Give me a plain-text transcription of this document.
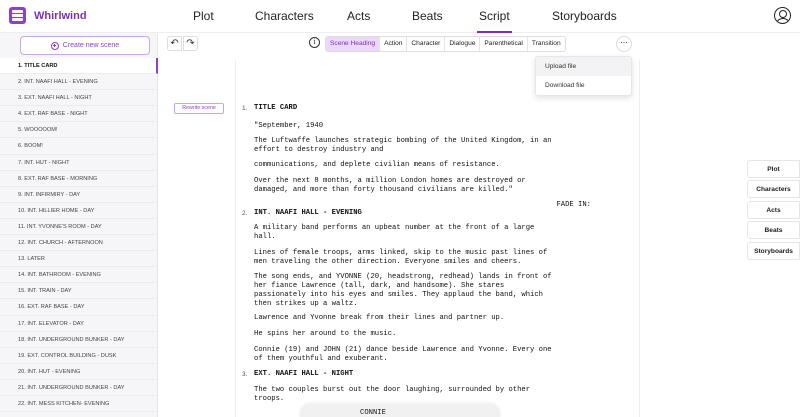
Whirlwind	Plot	Characters	Acts	Beats	Script	Storyboards
Create new scene
1. TITLE CARD
2. INT. NAAFI HALL - EVENING
3. EXT. NAAFI HALL - NIGHT
4. EXT. RAF BASE - NIGHT
5. WOOOOOM!
6. BOOM!
7. INT. HUT - NIGHT
8. EXT. RAF BASE - MORNING
9. INT. INFIRMIRY - DAY
10. INT. HILLIER HOME - DAY
11. INT. YVONNE'S ROOM - DAY
12. INT. CHURCH - AFTERNOON
13. LATER
14. INT. BATHROOM - EVENING
15. INT. TRAIN - DAY
16. EXT. RAF BASE - DAY
17. INT. ELEVATOR - DAY
18. INT. UNDERGROUND BUNKER - DAY
19. EXT. CONTROL BUILDING - DUSK
20. INT. HUT - EVENING
21. INT. UNDERGROUND BUNKER - DAY
22. INT. MESS KITCHEN- EVENING
↶ ↷	i	Scene Heading	Action	Character	Dialogue	Parenthetical	Transition	...
Upload file
Download file
Rewrite scene	1. TITLE CARD
"September, 1940
The Luftwaffe launches strategic bombing of the United Kingdom, in an
effort to destroy industry and
communications, and deplete civilian means of resistance.
Over the next 8 months, a million London homes are destroyed or
damaged, and more than forty thousand civilians are killed."
FADE IN:
2. INT. NAAFI HALL - EVENING
A military band performs an upbeat number at the front of a large
hall.
Lines of female troops, arms linked, skip to the music past lines of
men traveling the other direction. Everyone smiles and cheers.
The song ends, and YVONNE (20, headstrong, redhead) lands in front of
her fiance Lawrence (tall, dark, and handsome). She stares
passionately into his eyes and smiles. They applaud the band, which
then strikes up a waltz.
Lawrence and Yvonne break from their lines and partner up.
He spins her around to the music.
Connie (19) and JOHN (21) dance beside Lawrence and Yvonne. Every one
of them youthful and exuberant.
3. EXT. NAAFI HALL - NIGHT
The two couples burst out the door laughing, surrounded by other
troops.
CONNIE
Plot
Characters
Acts
Beats
Storyboards
